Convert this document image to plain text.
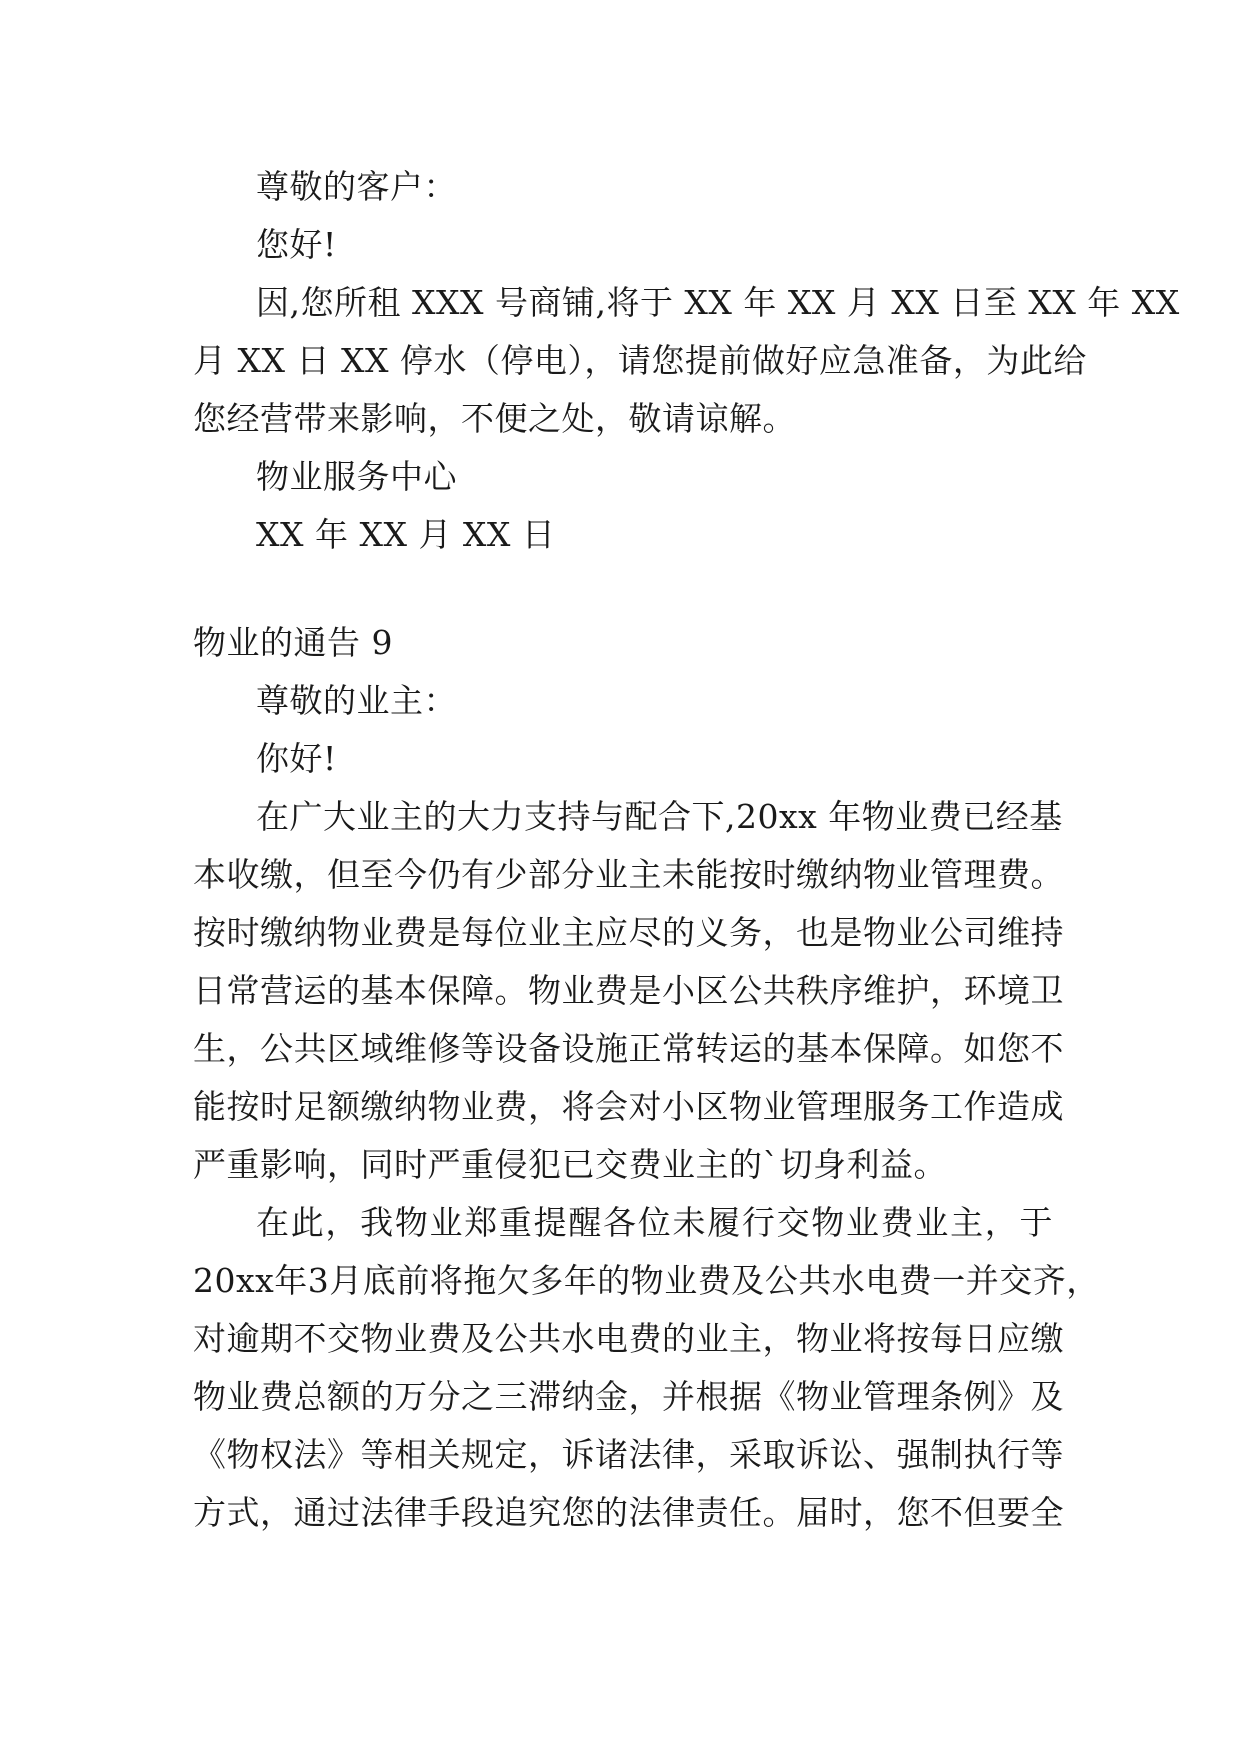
尊敬的客户：
您好!
因,您所租 XXX 号商铺,将于 XX 年 XX 月 XX 日至 XX 年 XX
月 XX 日 XX 停水（停电），请您提前做好应急准备，为此给
您经营带来影响，不便之处，敬请谅解。
物业服务中心
XX 年 XX 月 XX 日
物业的通告 9
尊敬的业主：
你好!
在广大业主的大力支持与配合下,20xx 年物业费已经基
本收缴，但至今仍有少部分业主未能按时缴纳物业管理费。
按时缴纳物业费是每位业主应尽的义务，也是物业公司维持
日常营运的基本保障。物业费是小区公共秩序维护，环境卫
生，公共区域维修等设备设施正常转运的基本保障。如您不
能按时足额缴纳物业费，将会对小区物业管理服务工作造成
严重影响，同时严重侵犯已交费业主的`切身利益。
在此，我物业郑重提醒各位未履行交物业费业主，于
20xx年3月底前将拖欠多年的物业费及公共水电费一并交齐，
对逾期不交物业费及公共水电费的业主，物业将按每日应缴
物业费总额的万分之三滞纳金，并根据《物业管理条例》及
《物权法》等相关规定，诉诸法律，采取诉讼、强制执行等
方式，通过法律手段追究您的法律责任。届时，您不但要全
